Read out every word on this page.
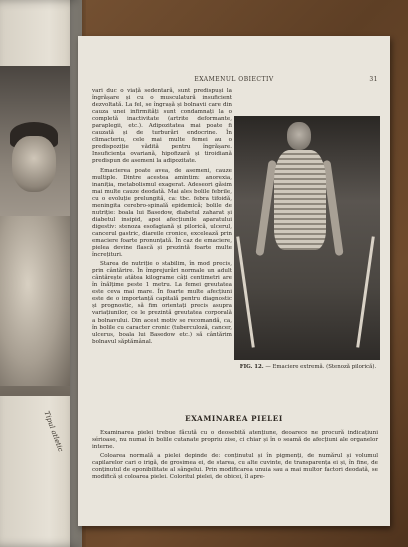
Tipul atletic
EXAMENUL OBIECTIV	31

vari duc o viață sedentară, sunt predispuși la îngrășare și cu o musculatură insuficient dezvoltată. La fel, se îngrașă și bolnavii care din cauza unei infirmități sunt condamnați la o completă inactivitate (artrite deformante, paraplegii, etc.). Adipozitatea mai poate fi cauzată și de turburări endocrine. În climacteriu, cele mai multe femei au o predispoziție vădită pentru îngrășare. Insuficiența ovariană, hipofizară și tiroidiană predispun de asemeni la adipozitate.

Emacierea poate avea, de asemeni, cauze multiple. Dintre acestea amintim: anorexia, inaniția, metabolismul exagerat. Adeseori găsim mai multe cauze deodată. Mai ales bolile febrile, cu o evoluție prelungită, ca: tbc. febra tifoidă, meningita cerebro-spinală epidemică; bolile de nutriție: boala lui Basedow, diabetul zaharat și diabetul insipid, apoi afecțiunile aparatului digestiv: stenoza esofagiană și pilorică, ulcerul, cancerul gastric, diareile cronice, excelează prin emaciere foarte pronunțată. În caz de emaciere, pielea devine flască și prezintă foarte multe încrețituri.

Starea de nutriție o stabilim, în mod precis, prin cântărire. În împrejurări normale un adult cântărește atâtea kilograme câți centimetri are în înălțime peste 1 metru. La femei greutatea este ceva mai mare. În foarte multe afecțiuni este de o importanță capitală pentru diagnostic și prognostic, să fim orientați precis asupra variațiunilor, ce le prezintă greutatea corporală a bolnavului. Din acest motiv se recomandă, ca, în bolile cu caracter cronic (tuberculoză, cancer, ulcerus, boala lui Basedow etc.) să cântărim bolnavul săptămânal.

FIG. 12. — Emaciere extremă. (Stenoză pilorică).
EXAMINAREA PIELEI

Examinarea pielei trebue făcută cu o deosebită atențiune, deoarece ne procură indicațiuni sérioase, nu numai în bolile cutanate propriu zise, ci chiar și în o seamă de afecțiuni ale organelor interne.

Coloarea normală a pielei depinde de: conținutul și în pigmenți, de numărul și volumul capilarelor cari o irigă, de grosimea ei, de starea, cu alte cuvinte, de transparența ei și, în fine, de conținutul de eponibilitate al sângelui. Prin modificarea unuia sau a mai multor factori deodată, se modifică și coloarea pielei. Coloritul pielei, de obicei, îl apre-
